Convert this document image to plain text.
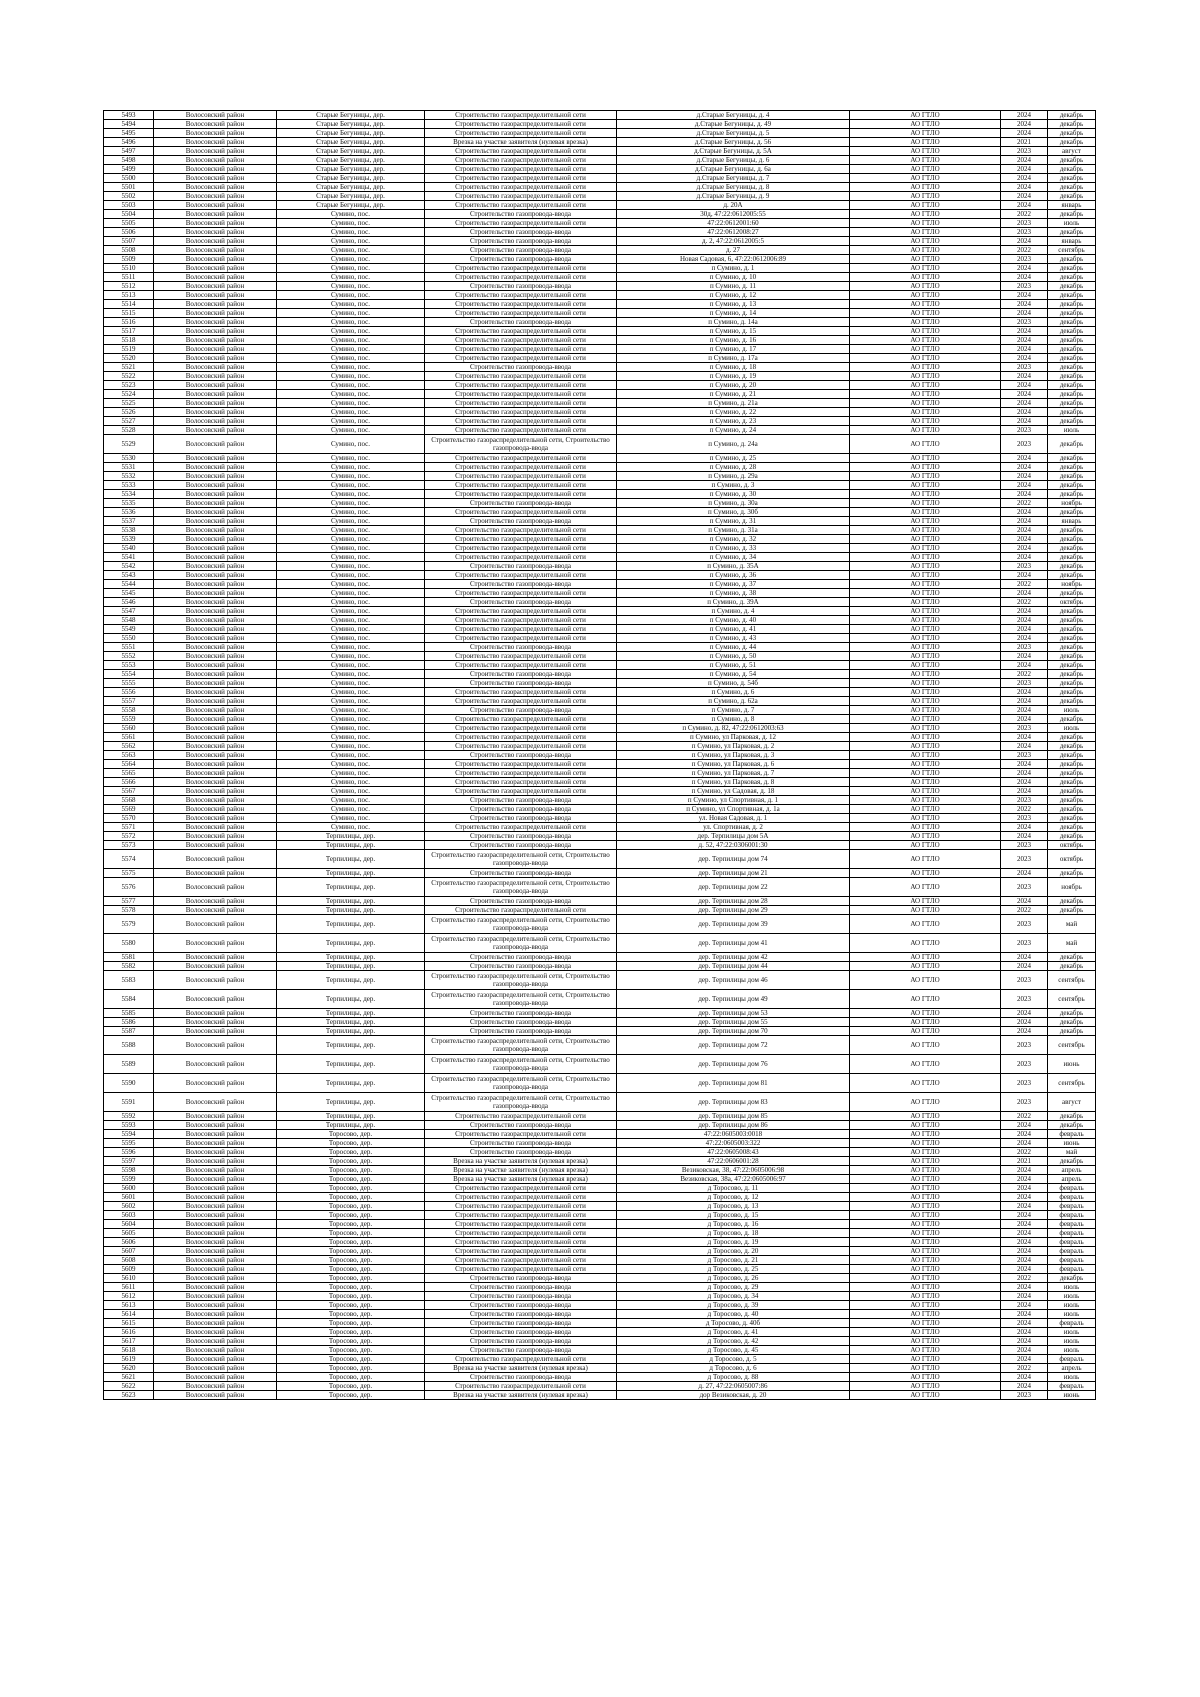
5493	Волосовский район	Старые Бегуницы, дер.	Строительство газораспределительной сети	д.Старые Бегуницы, д. 4	АО ГТЛО	2024	декабрь
5494	Волосовский район	Старые Бегуницы, дер.	Строительство газораспределительной сети	д.Старые Бегуницы, д. 49	АО ГТЛО	2024	декабрь
5495	Волосовский район	Старые Бегуницы, дер.	Строительство газораспределительной сети	д.Старые Бегуницы, д. 5	АО ГТЛО	2024	декабрь
5496	Волосовский район	Старые Бегуницы, дер.	Врезка на участке заявителя (нулевая врезка)	д.Старые Бегуницы, д. 56	АО ГТЛО	2021	декабрь
5497	Волосовский район	Старые Бегуницы, дер.	Строительство газораспределительной сети	д.Старые Бегуницы, д. 5А	АО ГТЛО	2023	август
5498	Волосовский район	Старые Бегуницы, дер.	Строительство газораспределительной сети	д.Старые Бегуницы, д. 6	АО ГТЛО	2024	декабрь
5499	Волосовский район	Старые Бегуницы, дер.	Строительство газораспределительной сети	д.Старые Бегуницы, д. 6а	АО ГТЛО	2024	декабрь
5500	Волосовский район	Старые Бегуницы, дер.	Строительство газораспределительной сети	д.Старые Бегуницы, д. 7	АО ГТЛО	2024	декабрь
5501	Волосовский район	Старые Бегуницы, дер.	Строительство газораспределительной сети	д.Старые Бегуницы, д. 8	АО ГТЛО	2024	декабрь
5502	Волосовский район	Старые Бегуницы, дер.	Строительство газораспределительной сети	д.Старые Бегуницы, д. 9	АО ГТЛО	2024	декабрь
5503	Волосовский район	Старые Бегуницы, дер.	Строительство газораспределительной сети	д. 20А	АО ГТЛО	2024	январь
5504	Волосовский район	Сумино, пос.	Строительство газопровода-ввода	30д, 47:22:0612005:55	АО ГТЛО	2022	декабрь
5505	Волосовский район	Сумино, пос.	Строительство газораспределительной сети	47:22:0612001:60	АО ГТЛО	2023	июль
5506	Волосовский район	Сумино, пос.	Строительство газопровода-ввода	47:22:0612008:27	АО ГТЛО	2023	декабрь
5507	Волосовский район	Сумино, пос.	Строительство газопровода-ввода	д. 2, 47:22:0612005:5	АО ГТЛО	2024	январь
5508	Волосовский район	Сумино, пос.	Строительство газопровода-ввода	д. 27	АО ГТЛО	2022	сентябрь
5509	Волосовский район	Сумино, пос.	Строительство газопровода-ввода	Новая Садовая, 6, 47:22:0612006:89	АО ГТЛО	2023	декабрь
5510	Волосовский район	Сумино, пос.	Строительство газораспределительной сети	п Сумино, д. 1	АО ГТЛО	2024	декабрь
5511	Волосовский район	Сумино, пос.	Строительство газораспределительной сети	п Сумино, д. 10	АО ГТЛО	2024	декабрь
5512	Волосовский район	Сумино, пос.	Строительство газопровода-ввода	п Сумино, д. 11	АО ГТЛО	2023	декабрь
5513	Волосовский район	Сумино, пос.	Строительство газораспределительной сети	п Сумино, д. 12	АО ГТЛО	2024	декабрь
5514	Волосовский район	Сумино, пос.	Строительство газораспределительной сети	п Сумино, д. 13	АО ГТЛО	2024	декабрь
5515	Волосовский район	Сумино, пос.	Строительство газораспределительной сети	п Сумино, д. 14	АО ГТЛО	2024	декабрь
5516	Волосовский район	Сумино, пос.	Строительство газопровода-ввода	п Сумино, д. 14а	АО ГТЛО	2023	декабрь
5517	Волосовский район	Сумино, пос.	Строительство газораспределительной сети	п Сумино, д. 15	АО ГТЛО	2024	декабрь
5518	Волосовский район	Сумино, пос.	Строительство газораспределительной сети	п Сумино, д. 16	АО ГТЛО	2024	декабрь
5519	Волосовский район	Сумино, пос.	Строительство газораспределительной сети	п Сумино, д. 17	АО ГТЛО	2024	декабрь
5520	Волосовский район	Сумино, пос.	Строительство газораспределительной сети	п Сумино, д. 17а	АО ГТЛО	2024	декабрь
5521	Волосовский район	Сумино, пос.	Строительство газопровода-ввода	п Сумино, д. 18	АО ГТЛО	2023	декабрь
5522	Волосовский район	Сумино, пос.	Строительство газораспределительной сети	п Сумино, д. 19	АО ГТЛО	2024	декабрь
5523	Волосовский район	Сумино, пос.	Строительство газораспределительной сети	п Сумино, д. 20	АО ГТЛО	2024	декабрь
5524	Волосовский район	Сумино, пос.	Строительство газораспределительной сети	п Сумино, д. 21	АО ГТЛО	2024	декабрь
5525	Волосовский район	Сумино, пос.	Строительство газораспределительной сети	п Сумино, д. 21а	АО ГТЛО	2024	декабрь
5526	Волосовский район	Сумино, пос.	Строительство газораспределительной сети	п Сумино, д. 22	АО ГТЛО	2024	декабрь
5527	Волосовский район	Сумино, пос.	Строительство газораспределительной сети	п Сумино, д. 23	АО ГТЛО	2024	декабрь
5528	Волосовский район	Сумино, пос.	Строительство газораспределительной сети	п Сумино, д. 24	АО ГТЛО	2023	июль
5529	Волосовский район	Сумино, пос.	Строительство газораспределительной сети, Строительство газопровода-ввода	п Сумино, д. 24а	АО ГТЛО	2023	декабрь
5530	Волосовский район	Сумино, пос.	Строительство газораспределительной сети	п Сумино, д. 25	АО ГТЛО	2024	декабрь
5531	Волосовский район	Сумино, пос.	Строительство газораспределительной сети	п Сумино, д. 28	АО ГТЛО	2024	декабрь
5532	Волосовский район	Сумино, пос.	Строительство газораспределительной сети	п Сумино, д. 29а	АО ГТЛО	2024	декабрь
5533	Волосовский район	Сумино, пос.	Строительство газораспределительной сети	п Сумино, д. 3	АО ГТЛО	2024	декабрь
5534	Волосовский район	Сумино, пос.	Строительство газораспределительной сети	п Сумино, д. 30	АО ГТЛО	2024	декабрь
5535	Волосовский район	Сумино, пос.	Строительство газопровода-ввода	п Сумино, д. 30а	АО ГТЛО	2022	ноябрь
5536	Волосовский район	Сумино, пос.	Строительство газораспределительной сети	п Сумино, д. 30б	АО ГТЛО	2024	декабрь
5537	Волосовский район	Сумино, пос.	Строительство газопровода-ввода	п Сумино, д. 31	АО ГТЛО	2024	январь
5538	Волосовский район	Сумино, пос.	Строительство газораспределительной сети	п Сумино, д. 31а	АО ГТЛО	2024	декабрь
5539	Волосовский район	Сумино, пос.	Строительство газораспределительной сети	п Сумино, д. 32	АО ГТЛО	2024	декабрь
5540	Волосовский район	Сумино, пос.	Строительство газораспределительной сети	п Сумино, д. 33	АО ГТЛО	2024	декабрь
5541	Волосовский район	Сумино, пос.	Строительство газораспределительной сети	п Сумино, д. 34	АО ГТЛО	2024	декабрь
5542	Волосовский район	Сумино, пос.	Строительство газопровода-ввода	п Сумино, д. 35А	АО ГТЛО	2023	декабрь
5543	Волосовский район	Сумино, пос.	Строительство газораспределительной сети	п Сумино, д. 36	АО ГТЛО	2024	декабрь
5544	Волосовский район	Сумино, пос.	Строительство газопровода-ввода	п Сумино, д. 37	АО ГТЛО	2022	ноябрь
5545	Волосовский район	Сумино, пос.	Строительство газораспределительной сети	п Сумино, д. 38	АО ГТЛО	2024	декабрь
5546	Волосовский район	Сумино, пос.	Строительство газопровода-ввода	п Сумино, д. 39А	АО ГТЛО	2022	октябрь
5547	Волосовский район	Сумино, пос.	Строительство газораспределительной сети	п Сумино, д. 4	АО ГТЛО	2024	декабрь
5548	Волосовский район	Сумино, пос.	Строительство газораспределительной сети	п Сумино, д. 40	АО ГТЛО	2024	декабрь
5549	Волосовский район	Сумино, пос.	Строительство газораспределительной сети	п Сумино, д. 41	АО ГТЛО	2024	декабрь
5550	Волосовский район	Сумино, пос.	Строительство газораспределительной сети	п Сумино, д. 43	АО ГТЛО	2024	декабрь
5551	Волосовский район	Сумино, пос.	Строительство газопровода-ввода	п Сумино, д. 44	АО ГТЛО	2023	декабрь
5552	Волосовский район	Сумино, пос.	Строительство газораспределительной сети	п Сумино, д. 50	АО ГТЛО	2024	декабрь
5553	Волосовский район	Сумино, пос.	Строительство газораспределительной сети	п Сумино, д. 51	АО ГТЛО	2024	декабрь
5554	Волосовский район	Сумино, пос.	Строительство газопровода-ввода	п Сумино, д. 54	АО ГТЛО	2022	декабрь
5555	Волосовский район	Сумино, пос.	Строительство газопровода-ввода	п Сумино, д. 54б	АО ГТЛО	2023	декабрь
5556	Волосовский район	Сумино, пос.	Строительство газораспределительной сети	п Сумино, д. 6	АО ГТЛО	2024	декабрь
5557	Волосовский район	Сумино, пос.	Строительство газораспределительной сети	п Сумино, д. 62а	АО ГТЛО	2024	декабрь
5558	Волосовский район	Сумино, пос.	Строительство газопровода-ввода	п Сумино, д. 7	АО ГТЛО	2024	июль
5559	Волосовский район	Сумино, пос.	Строительство газораспределительной сети	п Сумино, д. 8	АО ГТЛО	2024	декабрь
5560	Волосовский район	Сумино, пос.	Строительство газораспределительной сети	п Сумино, д. 82, 47:22:0612003:63	АО ГТЛО	2023	июль
5561	Волосовский район	Сумино, пос.	Строительство газораспределительной сети	п Сумино, ул Парковая, д. 12	АО ГТЛО	2024	декабрь
5562	Волосовский район	Сумино, пос.	Строительство газораспределительной сети	п Сумино, ул Парковая, д. 2	АО ГТЛО	2024	декабрь
5563	Волосовский район	Сумино, пос.	Строительство газопровода-ввода	п Сумино, ул Парковая, д. 3	АО ГТЛО	2023	декабрь
5564	Волосовский район	Сумино, пос.	Строительство газораспределительной сети	п Сумино, ул Парковая, д. 6	АО ГТЛО	2024	декабрь
5565	Волосовский район	Сумино, пос.	Строительство газораспределительной сети	п Сумино, ул Парковая, д. 7	АО ГТЛО	2024	декабрь
5566	Волосовский район	Сумино, пос.	Строительство газораспределительной сети	п Сумино, ул Парковая, д. 8	АО ГТЛО	2024	декабрь
5567	Волосовский район	Сумино, пос.	Строительство газораспределительной сети	п Сумино, ул Садовая, д. 18	АО ГТЛО	2024	декабрь
5568	Волосовский район	Сумино, пос.	Строительство газопровода-ввода	п Сумино, ул Спортивная, д. 1	АО ГТЛО	2023	декабрь
5569	Волосовский район	Сумино, пос.	Строительство газопровода-ввода	п Сумино, ул Спортивная, д. 1а	АО ГТЛО	2022	декабрь
5570	Волосовский район	Сумино, пос.	Строительство газопровода-ввода	ул. Новая Садовая, д. 1	АО ГТЛО	2023	декабрь
5571	Волосовский район	Сумино, пос.	Строительство газораспределительной сети	ул. Спортивная, д. 2	АО ГТЛО	2024	декабрь
5572	Волосовский район	Терпилицы, дер.	Строительство газопровода-ввода	дер. Терпилицы дом 5А	АО ГТЛО	2024	декабрь
5573	Волосовский район	Терпилицы, дер.	Строительство газопровода-ввода	д. 52, 47:22:0306001:30	АО ГТЛО	2023	октябрь
5574	Волосовский район	Терпилицы, дер.	Строительство газораспределительной сети, Строительство газопровода-ввода	дер. Терпилицы дом 74	АО ГТЛО	2023	октябрь
5575	Волосовский район	Терпилицы, дер.	Строительство газопровода-ввода	дер. Терпилицы дом 21	АО ГТЛО	2024	декабрь
5576	Волосовский район	Терпилицы, дер.	Строительство газораспределительной сети, Строительство газопровода-ввода	дер. Терпилицы дом 22	АО ГТЛО	2023	ноябрь
5577	Волосовский район	Терпилицы, дер.	Строительство газопровода-ввода	дер. Терпилицы дом 28	АО ГТЛО	2024	декабрь
5578	Волосовский район	Терпилицы, дер.	Строительство газораспределительной сети	дер. Терпилицы дом 29	АО ГТЛО	2022	декабрь
5579	Волосовский район	Терпилицы, дер.	Строительство газораспределительной сети, Строительство газопровода-ввода	дер. Терпилицы дом 39	АО ГТЛО	2023	май
5580	Волосовский район	Терпилицы, дер.	Строительство газораспределительной сети, Строительство газопровода-ввода	дер. Терпилицы дом 41	АО ГТЛО	2023	май
5581	Волосовский район	Терпилицы, дер.	Строительство газопровода-ввода	дер. Терпилицы дом 42	АО ГТЛО	2024	декабрь
5582	Волосовский район	Терпилицы, дер.	Строительство газопровода-ввода	дер. Терпилицы дом 44	АО ГТЛО	2024	декабрь
5583	Волосовский район	Терпилицы, дер.	Строительство газораспределительной сети, Строительство газопровода-ввода	дер. Терпилицы дом 46	АО ГТЛО	2023	сентябрь
5584	Волосовский район	Терпилицы, дер.	Строительство газораспределительной сети, Строительство газопровода-ввода	дер. Терпилицы дом 49	АО ГТЛО	2023	сентябрь
5585	Волосовский район	Терпилицы, дер.	Строительство газопровода-ввода	дер. Терпилицы дом 53	АО ГТЛО	2024	декабрь
5586	Волосовский район	Терпилицы, дер.	Строительство газопровода-ввода	дер. Терпилицы дом 55	АО ГТЛО	2024	декабрь
5587	Волосовский район	Терпилицы, дер.	Строительство газопровода-ввода	дер. Терпилицы дом 70	АО ГТЛО	2024	декабрь
5588	Волосовский район	Терпилицы, дер.	Строительство газораспределительной сети, Строительство газопровода-ввода	дер. Терпилицы дом 72	АО ГТЛО	2023	сентябрь
5589	Волосовский район	Терпилицы, дер.	Строительство газораспределительной сети, Строительство газопровода-ввода	дер. Терпилицы дом 76	АО ГТЛО	2023	июнь
5590	Волосовский район	Терпилицы, дер.	Строительство газораспределительной сети, Строительство газопровода-ввода	дер. Терпилицы дом 81	АО ГТЛО	2023	сентябрь
5591	Волосовский район	Терпилицы, дер.	Строительство газораспределительной сети, Строительство газопровода-ввода	дер. Терпилицы дом 83	АО ГТЛО	2023	август
5592	Волосовский район	Терпилицы, дер.	Строительство газораспределительной сети	дер. Терпилицы дом 85	АО ГТЛО	2022	декабрь
5593	Волосовский район	Терпилицы, дер.	Строительство газопровода-ввода	дер. Терпилицы дом 86	АО ГТЛО	2024	декабрь
5594	Волосовский район	Торосово, дер.	Строительство газораспределительной сети	47:22:0605003:0018	АО ГТЛО	2024	февраль
5595	Волосовский район	Торосово, дер.	Строительство газопровода-ввода	47:22:0605003:322	АО ГТЛО	2024	июнь
5596	Волосовский район	Торосово, дер.	Строительство газопровода-ввода	47:22:0605008:43	АО ГТЛО	2022	май
5597	Волосовский район	Торосово, дер.	Врезка на участке заявителя (нулевая врезка)	47:22:0606001:28	АО ГТЛО	2021	декабрь
5598	Волосовский район	Торосово, дер.	Врезка на участке заявителя (нулевая врезка)	Везиковская, 38, 47:22:0605006:98	АО ГТЛО	2024	апрель
5599	Волосовский район	Торосово, дер.	Врезка на участке заявителя (нулевая врезка)	Везиковская, 38а, 47:22:0605006:97	АО ГТЛО	2024	апрель
5600	Волосовский район	Торосово, дер.	Строительство газораспределительной сети	д Торосово, д. 11	АО ГТЛО	2024	февраль
5601	Волосовский район	Торосово, дер.	Строительство газораспределительной сети	д Торосово, д. 12	АО ГТЛО	2024	февраль
5602	Волосовский район	Торосово, дер.	Строительство газораспределительной сети	д Торосово, д. 13	АО ГТЛО	2024	февраль
5603	Волосовский район	Торосово, дер.	Строительство газораспределительной сети	д Торосово, д. 15	АО ГТЛО	2024	февраль
5604	Волосовский район	Торосово, дер.	Строительство газораспределительной сети	д Торосово, д. 16	АО ГТЛО	2024	февраль
5605	Волосовский район	Торосово, дер.	Строительство газораспределительной сети	д Торосово, д. 18	АО ГТЛО	2024	февраль
5606	Волосовский район	Торосово, дер.	Строительство газораспределительной сети	д Торосово, д. 19	АО ГТЛО	2024	февраль
5607	Волосовский район	Торосово, дер.	Строительство газораспределительной сети	д Торосово, д. 20	АО ГТЛО	2024	февраль
5608	Волосовский район	Торосово, дер.	Строительство газораспределительной сети	д Торосово, д. 21	АО ГТЛО	2024	февраль
5609	Волосовский район	Торосово, дер.	Строительство газораспределительной сети	д Торосово, д. 25	АО ГТЛО	2024	февраль
5610	Волосовский район	Торосово, дер.	Строительство газопровода-ввода	д Торосово, д. 26	АО ГТЛО	2022	декабрь
5611	Волосовский район	Торосово, дер.	Строительство газопровода-ввода	д Торосово, д. 29	АО ГТЛО	2024	июль
5612	Волосовский район	Торосово, дер.	Строительство газопровода-ввода	д Торосово, д. 34	АО ГТЛО	2024	июль
5613	Волосовский район	Торосово, дер.	Строительство газопровода-ввода	д Торосово, д. 39	АО ГТЛО	2024	июль
5614	Волосовский район	Торосово, дер.	Строительство газопровода-ввода	д Торосово, д. 40	АО ГТЛО	2024	июль
5615	Волосовский район	Торосово, дер.	Строительство газопровода-ввода	д Торосово, д. 40б	АО ГТЛО	2024	февраль
5616	Волосовский район	Торосово, дер.	Строительство газопровода-ввода	д Торосово, д. 41	АО ГТЛО	2024	июль
5617	Волосовский район	Торосово, дер.	Строительство газопровода-ввода	д Торосово, д. 42	АО ГТЛО	2024	июль
5618	Волосовский район	Торосово, дер.	Строительство газопровода-ввода	д Торосово, д. 45	АО ГТЛО	2024	июль
5619	Волосовский район	Торосово, дер.	Строительство газораспределительной сети	д Торосово, д. 5	АО ГТЛО	2024	февраль
5620	Волосовский район	Торосово, дер.	Врезка на участке заявителя (нулевая врезка)	д Торосово, д. 6	АО ГТЛО	2022	апрель
5621	Волосовский район	Торосово, дер.	Строительство газопровода-ввода	д Торосово, д. 88	АО ГТЛО	2024	июль
5622	Волосовский район	Торосово, дер.	Строительство газораспределительной сети	д. 27, 47:22:0605007:86	АО ГТЛО	2024	февраль
5623	Волосовский район	Торосово, дер.	Врезка на участке заявителя (нулевая врезка)	дор Везиковская, д. 20	АО ГТЛО	2023	июнь
